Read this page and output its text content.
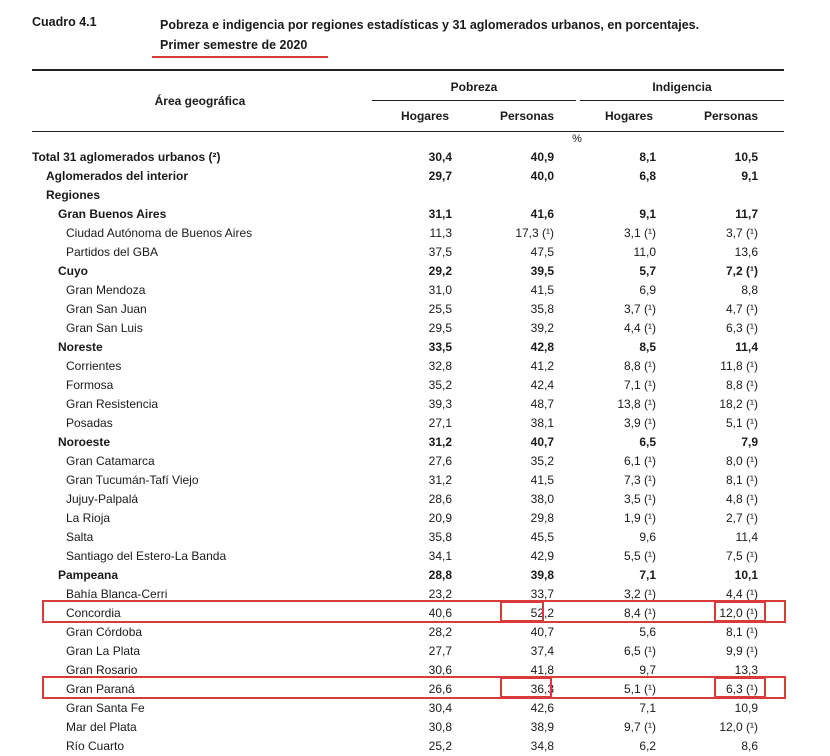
Cuadro 4.1	Pobreza e indigencia por regiones estadísticas y 31 aglomerados urbanos, en porcentajes.
Primer semestre de 2020
Área geográfica
Pobreza	Indigencia
Hogares	Personas	Hogares	Personas
%
Total 31 aglomerados urbanos (²)	30,4	40,9	8,1	10,5
Aglomerados del interior	29,7	40,0	6,8	9,1
Regiones
Gran Buenos Aires	31,1	41,6	9,1	11,7
Ciudad Autónoma de Buenos Aires	11,3	17,3 (¹)	3,1 (¹)	3,7 (¹)
Partidos del GBA	37,5	47,5	11,0	13,6
Cuyo	29,2	39,5	5,7	7,2 (¹)
Gran Mendoza	31,0	41,5	6,9	8,8
Gran San Juan	25,5	35,8	3,7 (¹)	4,7 (¹)
Gran San Luis	29,5	39,2	4,4 (¹)	6,3 (¹)
Noreste	33,5	42,8	8,5	11,4
Corrientes	32,8	41,2	8,8 (¹)	11,8 (¹)
Formosa	35,2	42,4	7,1 (¹)	8,8 (¹)
Gran Resistencia	39,3	48,7	13,8 (¹)	18,2 (¹)
Posadas	27,1	38,1	3,9 (¹)	5,1 (¹)
Noroeste	31,2	40,7	6,5	7,9
Gran Catamarca	27,6	35,2	6,1 (¹)	8,0 (¹)
Gran Tucumán-Tafí Viejo	31,2	41,5	7,3 (¹)	8,1 (¹)
Jujuy-Palpalá	28,6	38,0	3,5 (¹)	4,8 (¹)
La Rioja	20,9	29,8	1,9 (¹)	2,7 (¹)
Salta	35,8	45,5	9,6	11,4
Santiago del Estero-La Banda	34,1	42,9	5,5 (¹)	7,5 (¹)
Pampeana	28,8	39,8	7,1	10,1
Bahía Blanca-Cerri	23,2	33,7	3,2 (¹)	4,4 (¹)
Concordia	40,6	52,2	8,4 (¹)	12,0 (¹)
Gran Córdoba	28,2	40,7	5,6	8,1 (¹)
Gran La Plata	27,7	37,4	6,5 (¹)	9,9 (¹)
Gran Rosario	30,6	41,8	9,7	13,3
Gran Paraná	26,6	36,3	5,1 (¹)	6,3 (¹)
Gran Santa Fe	30,4	42,6	7,1	10,9
Mar del Plata	30,8	38,9	9,7 (¹)	12,0 (¹)
Río Cuarto	25,2	34,8	6,2	8,6
